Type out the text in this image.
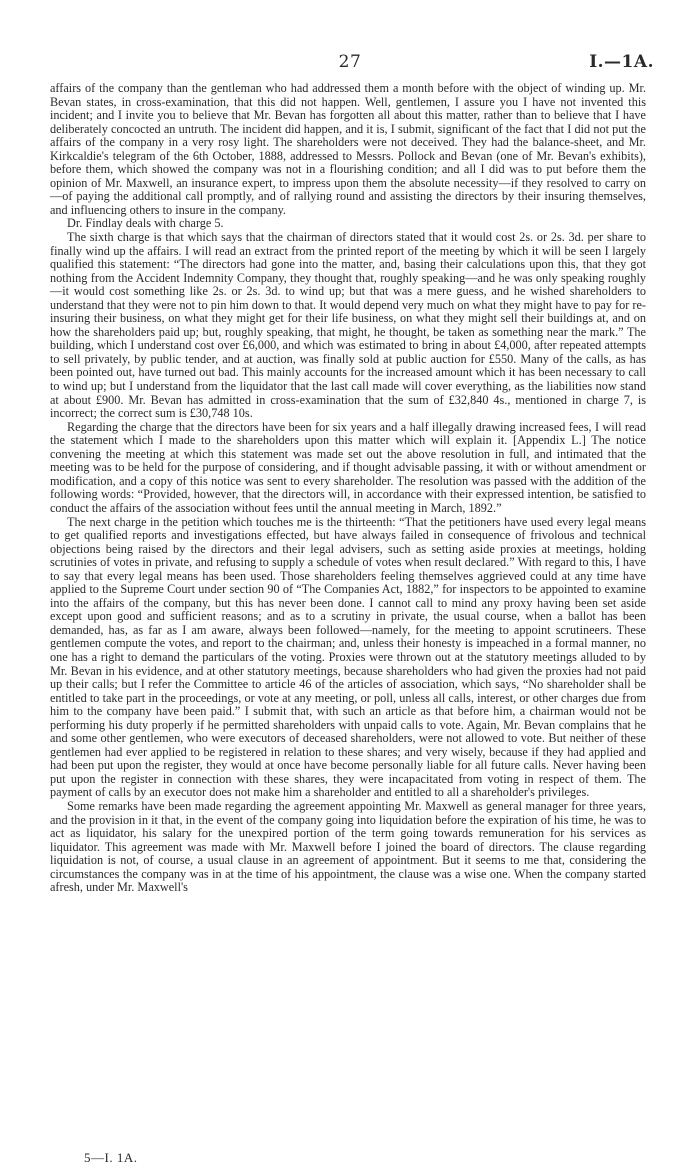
27	I.—1A.

affairs of the company than the gentleman who had addressed them a month before with the object of winding up. Mr. Bevan states, in cross-examination, that this did not happen. Well, gentlemen, I assure you I have not invented this incident; and I invite you to believe that Mr. Bevan has forgotten all about this matter, rather than to believe that I have deliberately concocted an untruth. The incident did happen, and it is, I submit, significant of the fact that I did not put the affairs of the company in a very rosy light. The shareholders were not deceived. They had the balance-sheet, and Mr. Kirkcaldie's telegram of the 6th October, 1888, addressed to Messrs. Pollock and Bevan (one of Mr. Bevan's exhibits), before them, which showed the company was not in a flourishing condition; and all I did was to put before them the opinion of Mr. Maxwell, an insurance expert, to impress upon them the absolute necessity—if they resolved to carry on—of paying the additional call promptly, and of rallying round and assisting the directors by their insuring themselves, and influencing others to insure in the company.

Dr. Findlay deals with charge 5.

The sixth charge is that which says that the chairman of directors stated that it would cost 2s. or 2s. 3d. per share to finally wind up the affairs. I will read an extract from the printed report of the meeting by which it will be seen I largely qualified this statement: “The directors had gone into the matter, and, basing their calculations upon this, that they got nothing from the Accident Indemnity Company, they thought that, roughly speaking—and he was only speaking roughly—it would cost something like 2s. or 2s. 3d. to wind up; but that was a mere guess, and he wished shareholders to understand that they were not to pin him down to that. It would depend very much on what they might have to pay for re-insuring their business, on what they might get for their life business, on what they might sell their buildings at, and on how the shareholders paid up; but, roughly speaking, that might, he thought, be taken as something near the mark.” The building, which I understand cost over £6,000, and which was estimated to bring in about £4,000, after repeated attempts to sell privately, by public tender, and at auction, was finally sold at public auction for £550. Many of the calls, as has been pointed out, have turned out bad. This mainly accounts for the increased amount which it has been necessary to call to wind up; but I understand from the liquidator that the last call made will cover everything, as the liabilities now stand at about £900. Mr. Bevan has admitted in cross-examination that the sum of £32,840 4s., mentioned in charge 7, is incorrect; the correct sum is £30,748 10s.

Regarding the charge that the directors have been for six years and a half illegally drawing increased fees, I will read the statement which I made to the shareholders upon this matter which will explain it. [Appendix L.] The notice convening the meeting at which this statement was made set out the above resolution in full, and intimated that the meeting was to be held for the purpose of considering, and if thought advisable passing, it with or without amendment or modification, and a copy of this notice was sent to every shareholder. The resolution was passed with the addition of the following words: “Provided, however, that the directors will, in accordance with their expressed intention, be satisfied to conduct the affairs of the association without fees until the annual meeting in March, 1892.”

The next charge in the petition which touches me is the thirteenth: “That the petitioners have used every legal means to get qualified reports and investigations effected, but have always failed in consequence of frivolous and technical objections being raised by the directors and their legal advisers, such as setting aside proxies at meetings, holding scrutinies of votes in private, and refusing to supply a schedule of votes when result declared.” With regard to this, I have to say that every legal means has been used. Those shareholders feeling themselves aggrieved could at any time have applied to the Supreme Court under section 90 of “The Companies Act, 1882,” for inspectors to be appointed to examine into the affairs of the company, but this has never been done. I cannot call to mind any proxy having been set aside except upon good and sufficient reasons; and as to a scrutiny in private, the usual course, when a ballot has been demanded, has, as far as I am aware, always been followed—namely, for the meeting to appoint scrutineers. These gentlemen compute the votes, and report to the chairman; and, unless their honesty is impeached in a formal manner, no one has a right to demand the particulars of the voting. Proxies were thrown out at the statutory meetings alluded to by Mr. Bevan in his evidence, and at other statutory meetings, because shareholders who had given the proxies had not paid up their calls; but I refer the Committee to article 46 of the articles of association, which says, “No shareholder shall be entitled to take part in the proceedings, or vote at any meeting, or poll, unless all calls, interest, or other charges due from him to the company have been paid.” I submit that, with such an article as that before him, a chairman would not be performing his duty properly if he permitted shareholders with unpaid calls to vote. Again, Mr. Bevan complains that he and some other gentlemen, who were executors of deceased shareholders, were not allowed to vote. But neither of these gentlemen had ever applied to be registered in relation to these shares; and very wisely, because if they had applied and had been put upon the register, they would at once have become personally liable for all future calls. Never having been put upon the register in connection with these shares, they were incapacitated from voting in respect of them. The payment of calls by an executor does not make him a shareholder and entitled to all a shareholder's privileges.

Some remarks have been made regarding the agreement appointing Mr. Maxwell as general manager for three years, and the provision in it that, in the event of the company going into liquidation before the expiration of his time, he was to act as liquidator, his salary for the unexpired portion of the term going towards remuneration for his services as liquidator. This agreement was made with Mr. Maxwell before I joined the board of directors. The clause regarding liquidation is not, of course, a usual clause in an agreement of appointment. But it seems to me that, considering the circumstances the company was in at the time of his appointment, the clause was a wise one. When the company started afresh, under Mr. Maxwell's

5—I. 1A.
